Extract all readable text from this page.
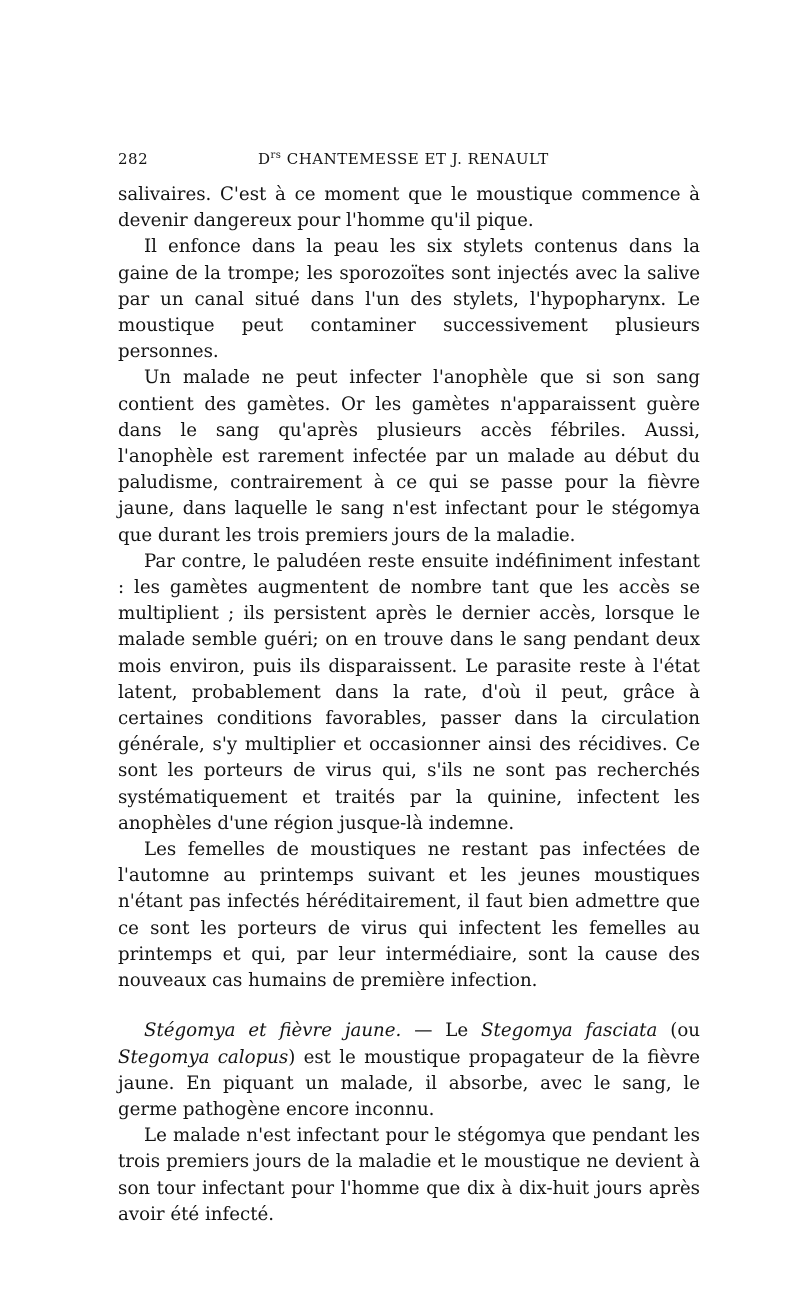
282	$D^{rs}$ CHANTEMESSE ET J. RENAULT

salivaires. C'est à ce moment que le moustique commence à devenir dangereux pour l'homme qu'il pique.

Il enfonce dans la peau les six stylets contenus dans la gaine de la trompe; les sporozoïtes sont injectés avec la salive par un canal situé dans l'un des stylets, l'hypopharynx. Le moustique peut contaminer successivement plusieurs personnes.

Un malade ne peut infecter l'anophèle que si son sang contient des gamètes. Or les gamètes n'apparaissent guère dans le sang qu'après plusieurs accès fébriles. Aussi, l'anophèle est rarement infectée par un malade au début du paludisme, contrairement à ce qui se passe pour la fièvre jaune, dans laquelle le sang n'est infectant pour le stégomya que durant les trois premiers jours de la maladie.

Par contre, le paludéen reste ensuite indéfiniment infestant : les gamètes augmentent de nombre tant que les accès se multiplient ; ils persistent après le dernier accès, lorsque le malade semble guéri; on en trouve dans le sang pendant deux mois environ, puis ils disparaissent. Le parasite reste à l'état latent, probablement dans la rate, d'où il peut, grâce à certaines conditions favorables, passer dans la circulation générale, s'y multiplier et occasionner ainsi des récidives. Ce sont les porteurs de virus qui, s'ils ne sont pas recherchés systématiquement et traités par la quinine, infectent les anophèles d'une région jusque-là indemne.

Les femelles de moustiques ne restant pas infectées de l'automne au printemps suivant et les jeunes moustiques n'étant pas infectés héréditairement, il faut bien admettre que ce sont les porteurs de virus qui infectent les femelles au printemps et qui, par leur intermédiaire, sont la cause des nouveaux cas humains de première infection.

Stégomya et fièvre jaune. — Le Stegomya fasciata (ou Stegomya calopus) est le moustique propagateur de la fièvre jaune. En piquant un malade, il absorbe, avec le sang, le germe pathogène encore inconnu.

Le malade n'est infectant pour le stégomya que pendant les trois premiers jours de la maladie et le moustique ne devient à son tour infectant pour l'homme que dix à dix-huit jours après avoir été infecté.
